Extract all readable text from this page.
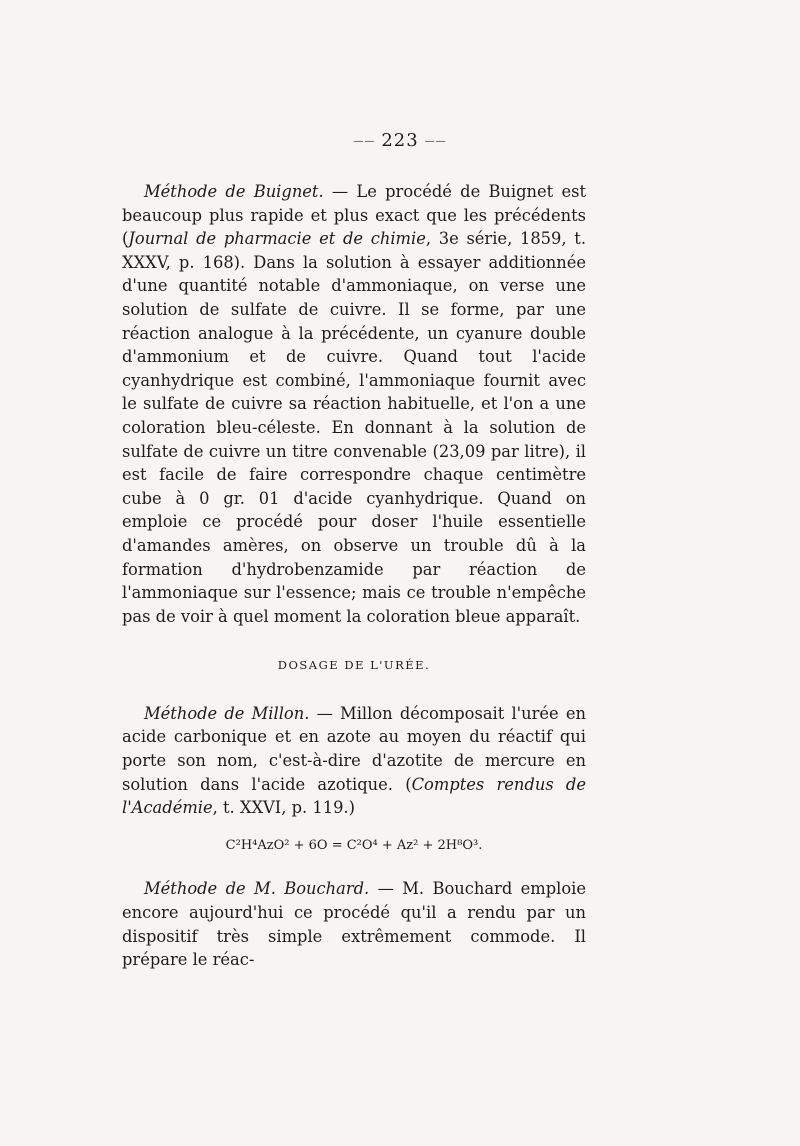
—— 223 ——

Méthode de Buignet. — Le procédé de Buignet est beaucoup plus rapide et plus exact que les précédents (Journal de pharmacie et de chimie, 3e série, 1859, t. XXXV, p. 168). Dans la solution à essayer additionnée d'une quantité notable d'ammoniaque, on verse une solution de sulfate de cuivre. Il se forme, par une réaction analogue à la précédente, un cyanure double d'ammonium et de cuivre. Quand tout l'acide cyanhydrique est combiné, l'ammoniaque fournit avec le sulfate de cuivre sa réaction habituelle, et l'on a une coloration bleu-céleste. En donnant à la solution de sulfate de cuivre un titre convenable (23,09 par litre), il est facile de faire correspondre chaque centimètre cube à 0 gr. 01 d'acide cyanhydrique. Quand on emploie ce procédé pour doser l'huile essentielle d'amandes amères, on observe un trouble dû à la formation d'hydrobenzamide par réaction de l'ammoniaque sur l'essence; mais ce trouble n'empêche pas de voir à quel moment la coloration bleue apparaît.

DOSAGE DE L'URÉE.

Méthode de Millon. — Millon décomposait l'urée en acide carbonique et en azote au moyen du réactif qui porte son nom, c'est-à-dire d'azotite de mercure en solution dans l'acide azotique. (Comptes rendus de l'Académie, t. XXVI, p. 119.)

C²H⁴AzO² + 6O = C²O⁴ + Az² + 2H⁸O³.

Méthode de M. Bouchard. — M. Bouchard emploie encore aujourd'hui ce procédé qu'il a rendu par un dispositif très simple extrêmement commode. Il prépare le réac-
